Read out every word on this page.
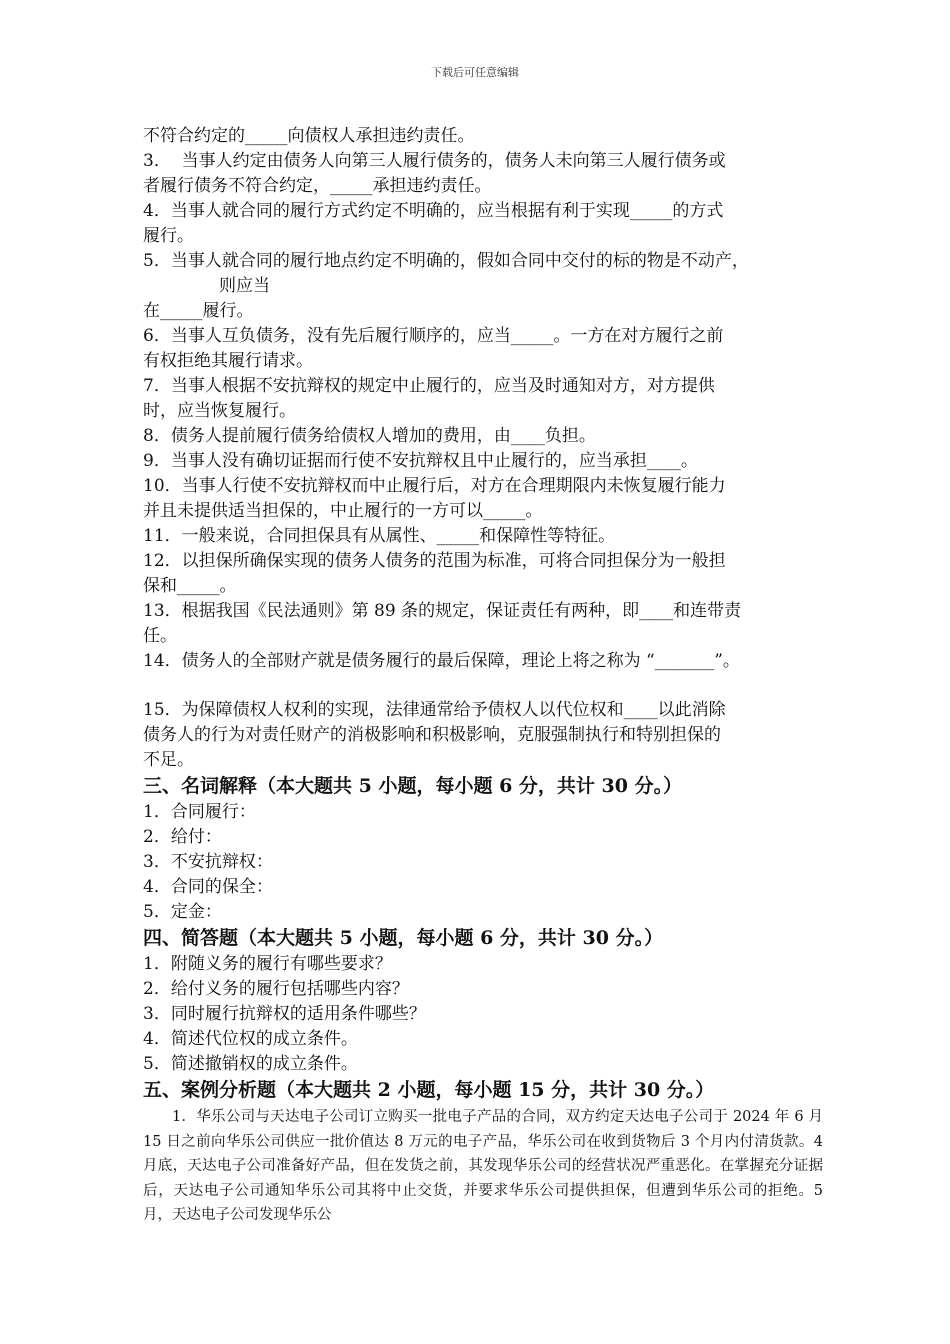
下载后可任意编辑

不符合约定的_____向债权人承担违约责任。

3．  当事人约定由债务人向第三人履行债务的，债务人未向第三人履行债务或

者履行债务不符合约定，_____承担违约责任。

4．当事人就合同的履行方式约定不明确的，应当根据有利于实现_____的方式

履行。

5．当事人就合同的履行地点约定不明确的，假如合同中交付的标的物是不动产，

则应当

在_____履行。

6．当事人互负债务，没有先后履行顺序的，应当_____。一方在对方履行之前

有权拒绝其履行请求。

7．当事人根据不安抗辩权的规定中止履行的，应当及时通知对方，对方提供

时，应当恢复履行。

8．债务人提前履行债务给债权人增加的费用，由____负担。

9．当事人没有确切证据而行使不安抗辩权且中止履行的，应当承担____。

10．当事人行使不安抗辩权而中止履行后，对方在合理期限内未恢复履行能力

并且未提供适当担保的，中止履行的一方可以_____。

11．一般来说，合同担保具有从属性、_____和保障性等特征。

12．以担保所确保实现的债务人债务的范围为标准，可将合同担保分为一般担

保和_____。

13．根据我国《民法通则》第 89 条的规定，保证责任有两种，即____和连带责

任。

14．债务人的全部财产就是债务履行的最后保障，理论上将之称为 “_______”。

15．为保障债权人权利的实现，法律通常给予债权人以代位权和____以此消除

债务人的行为对责任财产的消极影响和积极影响，克服强制执行和特别担保的

不足。

三、名词解释（本大题共 5 小题，每小题 6 分，共计 30 分。）

1．合同履行：

2．给付：

3．不安抗辩权：

4．合同的保全：

5．定金：

四、简答题（本大题共 5 小题，每小题 6 分，共计 30 分。）

1．附随义务的履行有哪些要求？

2．给付义务的履行包括哪些内容？

3．同时履行抗辩权的适用条件哪些？

4．简述代位权的成立条件。

5．简述撤销权的成立条件。

五、案例分析题（本大题共 2 小题，每小题 15 分，共计 30 分。）

1．华乐公司与天达电子公司订立购买一批电子产品的合同，双方约定天达电子公司于 2024 年 6 月 15 日之前向华乐公司供应一批价值达 8 万元的电子产品，华乐公司在收到货物后 3 个月内付清货款。4 月底，天达电子公司准备好产品，但在发货之前，其发现华乐公司的经营状况严重恶化。在掌握充分证据后，天达电子公司通知华乐公司其将中止交货，并要求华乐公司提供担保，但遭到华乐公司的拒绝。5 月，天达电子公司发现华乐公
